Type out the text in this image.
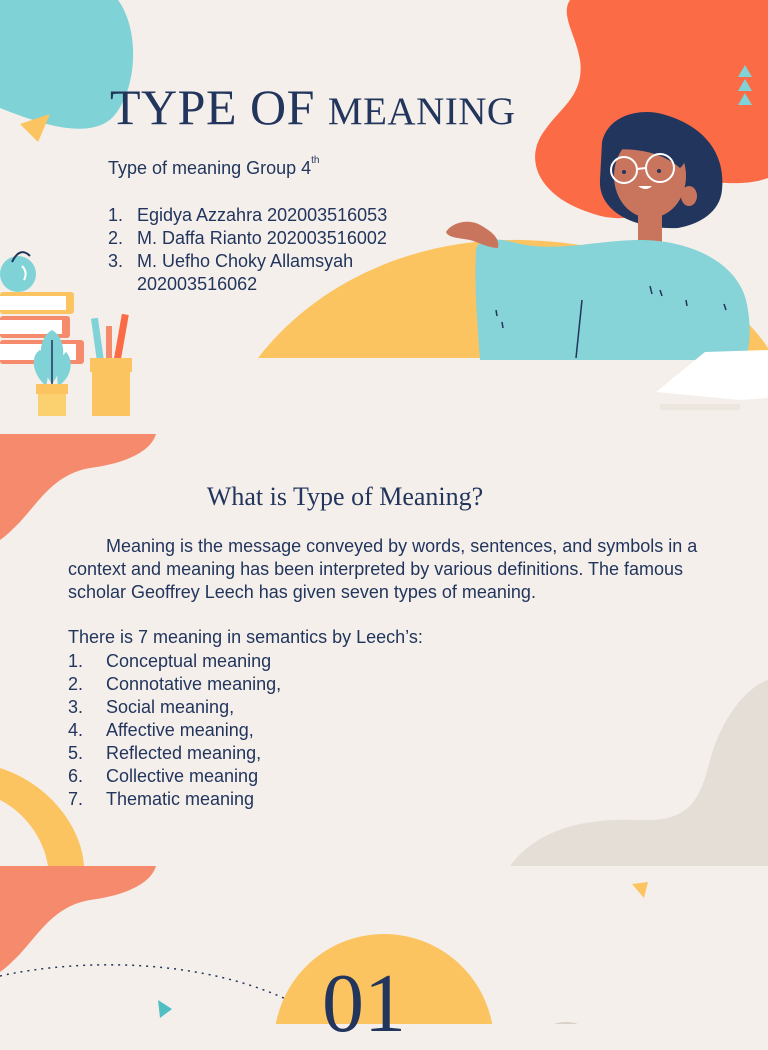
TYPE OF MEANING

Type of meaning Group 4th

1. Egidya Azzahra 202003516053
2. M. Daffa Rianto 202003516002
3. M. Uefho Choky Allamsyah
202003516062
What is Type of Meaning?

Meaning is the message conveyed by words, sentences, and symbols in a context and meaning has been interpreted by various definitions. The famous scholar Geoffrey Leech has given seven types of meaning.

There is 7 meaning in semantics by Leech’s:

1.	Conceptual meaning
2.	Connotative meaning,
3.	Social meaning,
4.	Affective meaning,
5.	Reflected meaning,
6.	Collective meaning
7.	Thematic meaning

01
